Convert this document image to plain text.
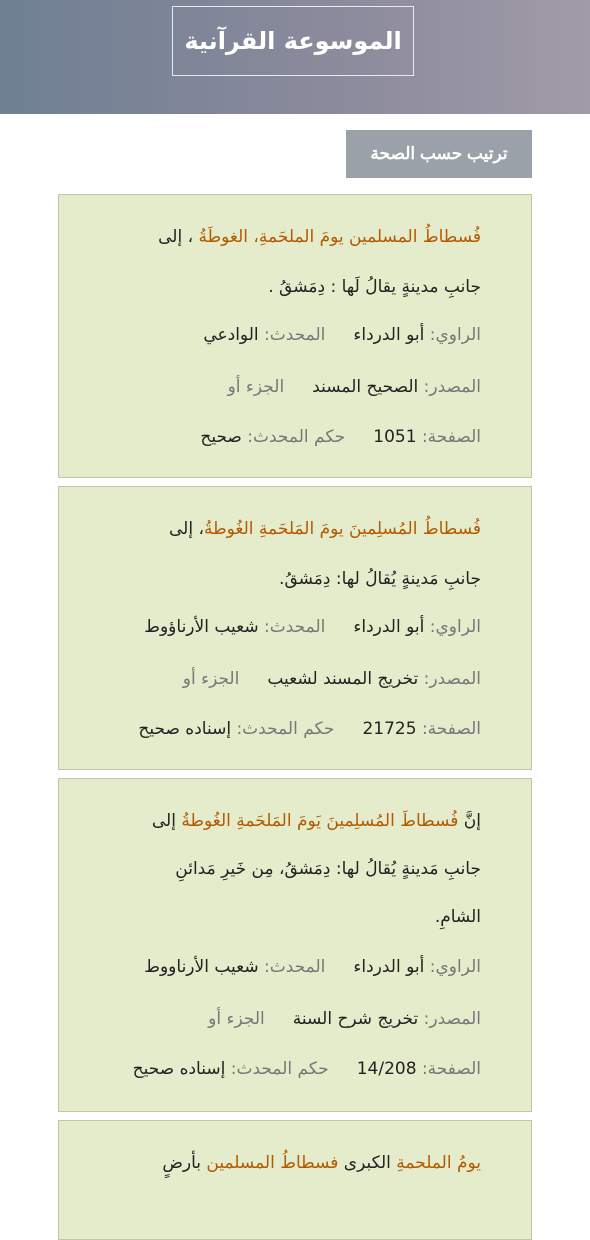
الموسوعة القرآنية
ترتيب حسب الصحة
فُسطاطُ المسلمين يومَ الملحَمةِ، الغوطَةُ ، إلى
جانبِ مدينةٍ يقالُ لَها : دِمَشقُ .
الراوي: أبو الدرداءالمحدث: الوادعي
المصدر: الصحيح المسندالجزء أو
الصفحة: 1051حكم المحدث: صحيح
فُسطاطُ المُسلِمينَ يومَ المَلحَمةِ الغُوطةُ، إلى
جانبِ مَدينةٍ يُقالُ لها: دِمَشقُ.
الراوي: أبو الدرداءالمحدث: شعيب الأرناؤوط
المصدر: تخريج المسند لشعيبالجزء أو
الصفحة: 21725حكم المحدث: إسناده صحيح
إنَّ فُسطاطَ المُسلِمينَ يَومَ المَلحَمةِ الغُوطةُ إلى
جانبِ مَدينةٍ يُقالُ لها: دِمَشقُ، مِن خَيرِ مَدائنِ
الشامِ.
الراوي: أبو الدرداءالمحدث: شعيب الأرناووط
المصدر: تخريج شرح السنةالجزء أو
الصفحة: 14/208حكم المحدث: إسناده صحيح
يومُ الملحمةِ الكبرى فسطاطُ المسلمين بأرضٍ
